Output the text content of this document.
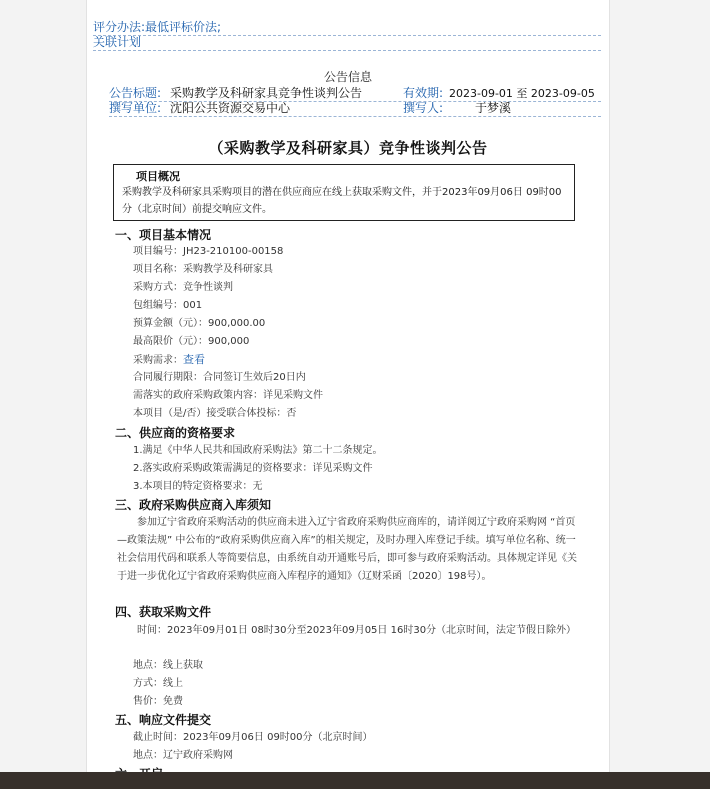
评分办法:最低评标价法;
关联计划
公告信息
公告标题: 采购教学及科研家具竞争性谈判公告	有效期: 2023-09-01 至 2023-09-05
撰写单位: 沈阳公共资源交易中心	撰写人:	于梦溪
（采购教学及科研家具）竞争性谈判公告
项目概况
采购教学及科研家具采购项目的潜在供应商应在线上获取采购文件，并于2023年09月06日 09时00分（北京时间）前提交响应文件。
一、项目基本情况
项目编号：JH23-210100-00158
项目名称：采购教学及科研家具
采购方式：竞争性谈判
包组编号：001
预算金额（元）：900,000.00
最高限价（元）：900,000
采购需求：查看
合同履行期限：合同签订生效后20日内
需落实的政府采购政策内容：详见采购文件
本项目（是/否）接受联合体投标：否
二、供应商的资格要求
1.满足《中华人民共和国政府采购法》第二十二条规定。
2.落实政府采购政策需满足的资格要求：详见采购文件
3.本项目的特定资格要求：无
三、政府采购供应商入库须知
参加辽宁省政府采购活动的供应商未进入辽宁省政府采购供应商库的，请详阅辽宁政府采购网 “首页—政策法规” 中公布的“政府采购供应商入库”的相关规定，及时办理入库登记手续。填写单位名称、统一社会信用代码和联系人等简要信息，由系统自动开通账号后，即可参与政府采购活动。具体规定详见《关于进一步优化辽宁省政府采购供应商入库程序的通知》（辽财采函〔2020〕198号）。
四、获取采购文件
时间：2023年09月01日 08时30分至2023年09月05日 16时30分（北京时间，法定节假日除外）
地点：线上获取
方式：线上
售价：免费
五、响应文件提交
截止时间：2023年09月06日 09时00分（北京时间）
地点：辽宁政府采购网
